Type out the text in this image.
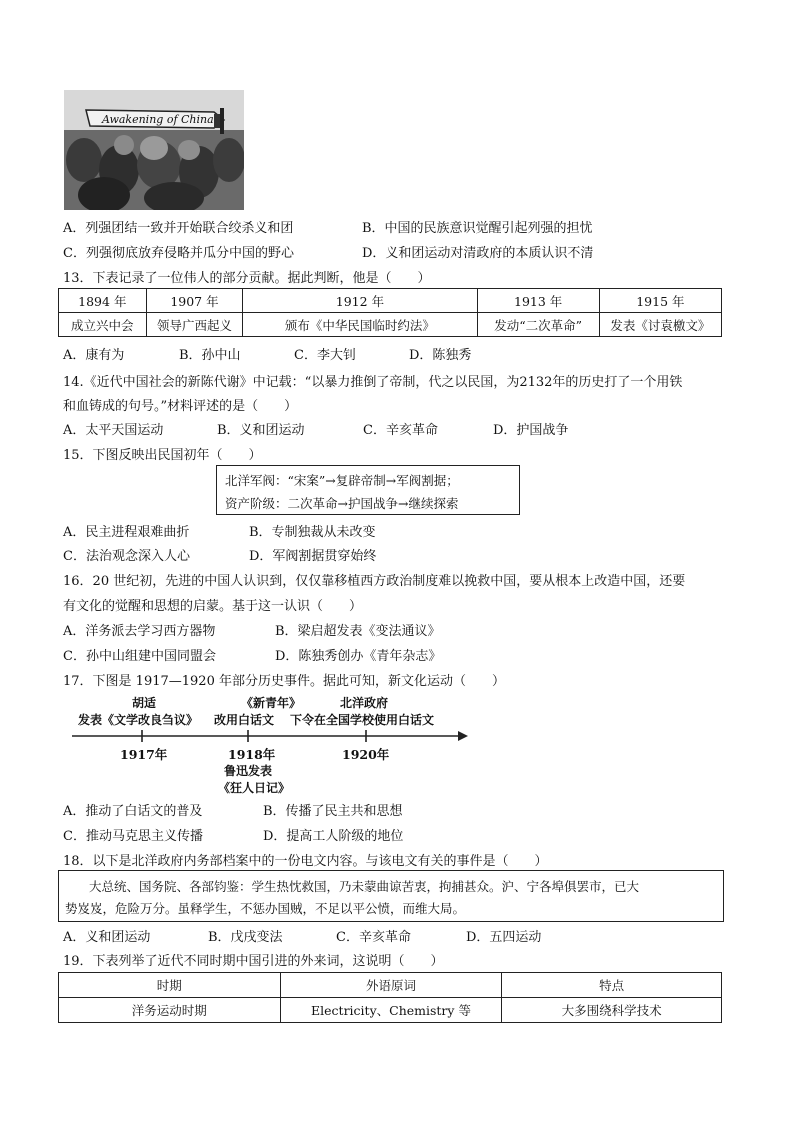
Awakening of China
A．列强团结一致并开始联合绞杀义和团	B．中国的民族意识觉醒引起列强的担忧
C．列强彻底放弃侵略并瓜分中国的野心	D．义和团运动对清政府的本质认识不清
13．下表记录了一位伟人的部分贡献。据此判断，他是（　　）
1894 年	1907 年	1912 年	1913 年	1915 年
成立兴中会	领导广西起义	颁布《中华民国临时约法》	发动“二次革命”	发表《讨袁檄文》
A．康有为	B．孙中山	C．李大钊	D．陈独秀
14.《近代中国社会的新陈代谢》中记载：“以暴力推倒了帝制，代之以民国，为2132年的历史打了一个用铁
和血铸成的句号。”材料评述的是（　　）
A．太平天国运动	B．义和团运动	C．辛亥革命	D．护国战争
15．下图反映出民国初年（　　）
北洋军阀：“宋案”→复辟帝制→军阀割据；
资产阶级：二次革命→护国战争→继续探索
A．民主进程艰难曲折	B．专制独裁从未改变
C．法治观念深入人心	D．军阀割据贯穿始终
16．20 世纪初，先进的中国人认识到，仅仅靠移植西方政治制度难以挽救中国，要从根本上改造中国，还要
有文化的觉醒和思想的启蒙。基于这一认识（　　）
A．洋务派去学习西方器物	B．梁启超发表《变法通议》
C．孙中山组建中国同盟会	D．陈独秀创办《青年杂志》
17．下图是 1917—1920 年部分历史事件。据此可知，新文化运动（　　）
胡适
发表《文学改良刍议》
《新青年》
改用白话文
北洋政府
下令在全国学校使用白话文
1917年	1918年	1920年
鲁迅发表
《狂人日记》
A．推动了白话文的普及	B．传播了民主共和思想
C．推动马克思主义传播	D．提高工人阶级的地位
18．以下是北洋政府内务部档案中的一份电文内容。与该电文有关的事件是（　　）
大总统、国务院、各部钧鉴：学生热忱救国，乃未蒙曲谅苦衷，拘捕甚众。沪、宁各埠俱罢市，已大
势岌岌，危险万分。虽释学生，不惩办国贼，不足以平公愤，而维大局。
A．义和团运动	B．戊戌变法	C．辛亥革命	D．五四运动
19．下表列举了近代不同时期中国引进的外来词，这说明（　　）
时期	外语原词	特点
洋务运动时期	Electricity、Chemistry 等	大多围绕科学技术
